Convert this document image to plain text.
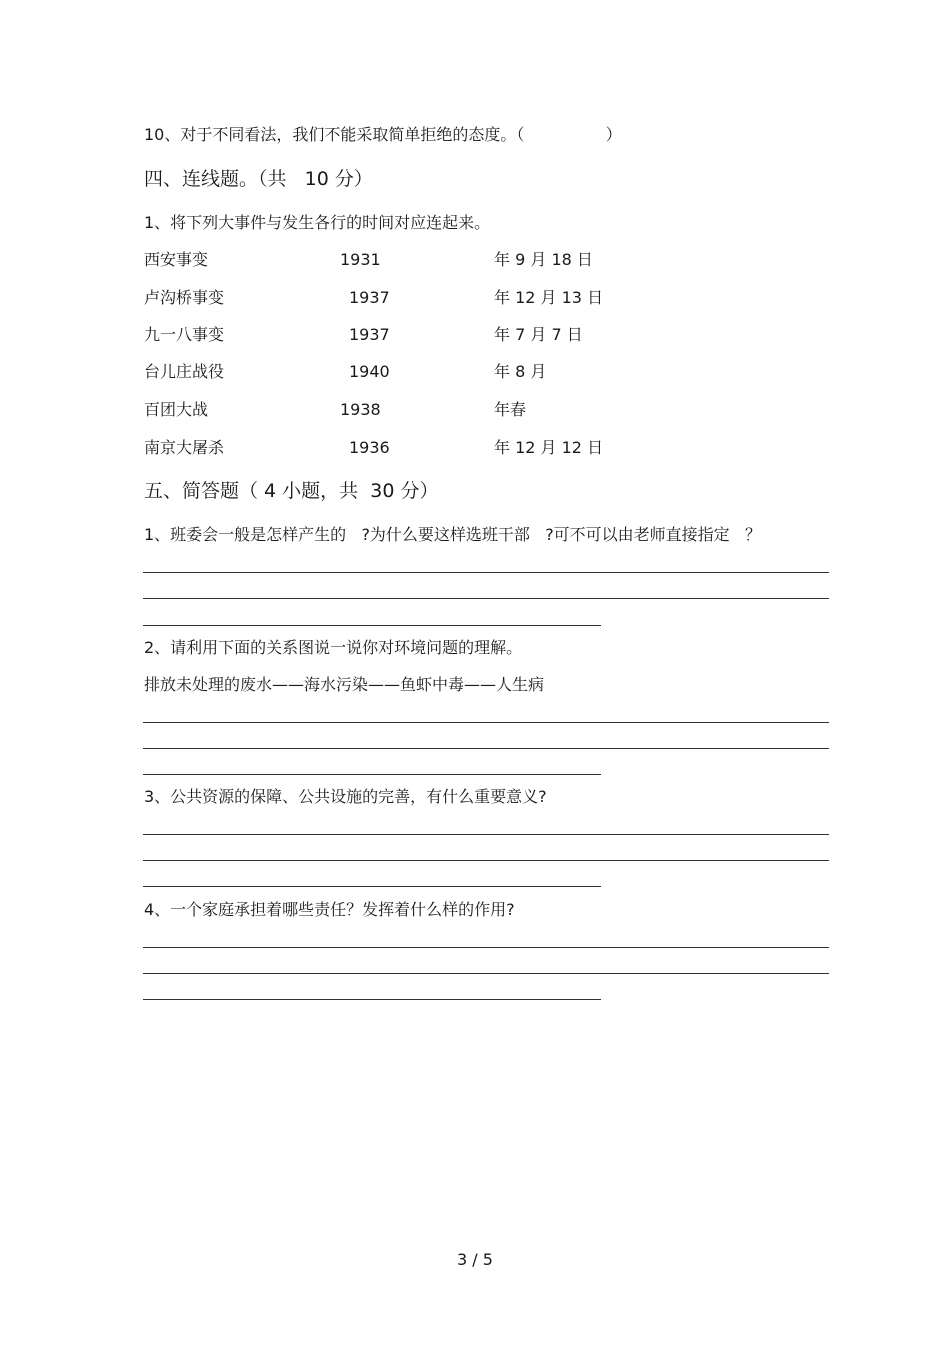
10、对于不同看法，我们不能采取简单拒绝的态度。（                ）
四、连线题。（共   10 分）
1、将下列大事件与发生各行的时间对应连起来。
西安事变	1931	年 9 月 18 日
卢沟桥事变	1937	年 12 月 13 日
九一八事变	1937	年 7 月 7 日
台儿庄战役	1940	年 8 月
百团大战	1938	年春
南京大屠杀	1936	年 12 月 12 日
五、简答题（ 4 小题，共  30 分）
1、班委会一般是怎样产生的   ?为什么要这样选班干部   ?可不可以由老师直接指定   ？
2、请利用下面的关系图说一说你对环境问题的理解。
排放未处理的废水——海水污染——鱼虾中毒——人生病
3、公共资源的保障、公共设施的完善，有什么重要意义?
4、一个家庭承担着哪些责任？发挥着什么样的作用?
3 / 5
